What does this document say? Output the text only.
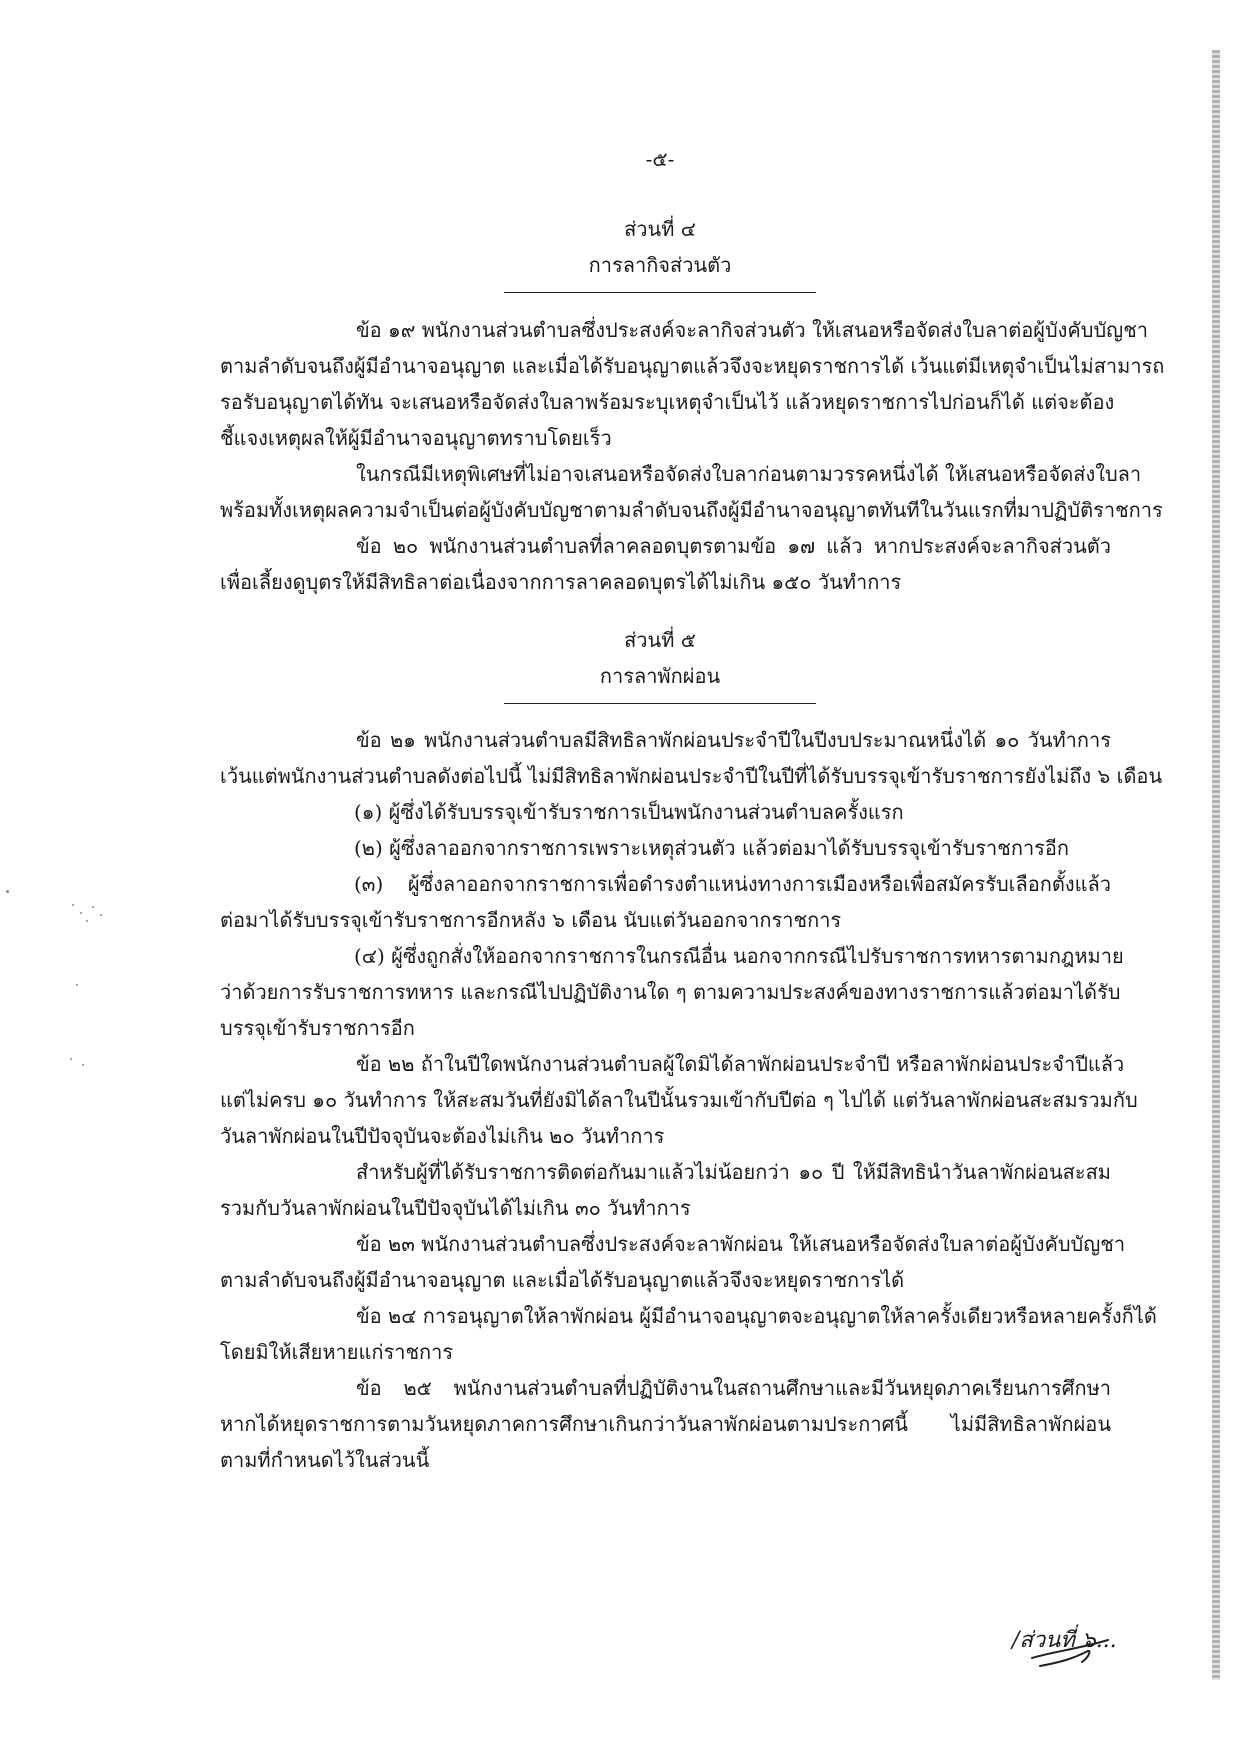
-๕-
ส่วนที่ ๔
การลากิจส่วนตัว
ข้อ ๑๙ พนักงานส่วนตำบลซึ่งประสงค์จะลากิจส่วนตัว ให้เสนอหรือจัดส่งใบลาต่อผู้บังคับบัญชา
ตามลำดับจนถึงผู้มีอำนาจอนุญาต และเมื่อได้รับอนุญาตแล้วจึงจะหยุดราชการได้ เว้นแต่มีเหตุจำเป็นไม่สามารถ
รอรับอนุญาตได้ทัน จะเสนอหรือจัดส่งใบลาพร้อมระบุเหตุจำเป็นไว้ แล้วหยุดราชการไปก่อนก็ได้ แต่จะต้อง
ชี้แจงเหตุผลให้ผู้มีอำนาจอนุญาตทราบโดยเร็ว
ในกรณีมีเหตุพิเศษที่ไม่อาจเสนอหรือจัดส่งใบลาก่อนตามวรรคหนึ่งได้ ให้เสนอหรือจัดส่งใบลา
พร้อมทั้งเหตุผลความจำเป็นต่อผู้บังคับบัญชาตามลำดับจนถึงผู้มีอำนาจอนุญาตทันทีในวันแรกที่มาปฏิบัติราชการ
ข้อ ๒๐ พนักงานส่วนตำบลที่ลาคลอดบุตรตามข้อ ๑๗ แล้ว หากประสงค์จะลากิจส่วนตัว
เพื่อเลี้ยงดูบุตรให้มีสิทธิลาต่อเนื่องจากการลาคลอดบุตรได้ไม่เกิน ๑๕๐ วันทำการ
ส่วนที่ ๕
การลาพักผ่อน
ข้อ ๒๑ พนักงานส่วนตำบลมีสิทธิลาพักผ่อนประจำปีในปีงบประมาณหนึ่งได้ ๑๐ วันทำการ
เว้นแต่พนักงานส่วนตำบลดังต่อไปนี้ ไม่มีสิทธิลาพักผ่อนประจำปีในปีที่ได้รับบรรจุเข้ารับราชการยังไม่ถึง ๖ เดือน
(๑) ผู้ซึ่งได้รับบรรจุเข้ารับราชการเป็นพนักงานส่วนตำบลครั้งแรก
(๒) ผู้ซึ่งลาออกจากราชการเพราะเหตุส่วนตัว แล้วต่อมาได้รับบรรจุเข้ารับราชการอีก
(๓) ผู้ซึ่งลาออกจากราชการเพื่อดำรงตำแหน่งทางการเมืองหรือเพื่อสมัครรับเลือกตั้งแล้ว
ต่อมาได้รับบรรจุเข้ารับราชการอีกหลัง ๖ เดือน นับแต่วันออกจากราชการ
(๔) ผู้ซึ่งถูกสั่งให้ออกจากราชการในกรณีอื่น นอกจากกรณีไปรับราชการทหารตามกฎหมาย
ว่าด้วยการรับราชการทหาร และกรณีไปปฏิบัติงานใด ๆ ตามความประสงค์ของทางราชการแล้วต่อมาได้รับ
บรรจุเข้ารับราชการอีก
ข้อ ๒๒ ถ้าในปีใดพนักงานส่วนตำบลผู้ใดมิได้ลาพักผ่อนประจำปี หรือลาพักผ่อนประจำปีแล้ว
แต่ไม่ครบ ๑๐ วันทำการ ให้สะสมวันที่ยังมิได้ลาในปีนั้นรวมเข้ากับปีต่อ ๆ ไปได้ แต่วันลาพักผ่อนสะสมรวมกับ
วันลาพักผ่อนในปีปัจจุบันจะต้องไม่เกิน ๒๐ วันทำการ
สำหรับผู้ที่ได้รับราชการติดต่อกันมาแล้วไม่น้อยกว่า ๑๐ ปี ให้มีสิทธินำวันลาพักผ่อนสะสม
รวมกับวันลาพักผ่อนในปีปัจจุบันได้ไม่เกิน ๓๐ วันทำการ
ข้อ ๒๓ พนักงานส่วนตำบลซึ่งประสงค์จะลาพักผ่อน ให้เสนอหรือจัดส่งใบลาต่อผู้บังคับบัญชา
ตามลำดับจนถึงผู้มีอำนาจอนุญาต และเมื่อได้รับอนุญาตแล้วจึงจะหยุดราชการได้
ข้อ ๒๔ การอนุญาตให้ลาพักผ่อน ผู้มีอำนาจอนุญาตจะอนุญาตให้ลาครั้งเดียวหรือหลายครั้งก็ได้
โดยมิให้เสียหายแก่ราชการ
ข้อ ๒๕ พนักงานส่วนตำบลที่ปฏิบัติงานในสถานศึกษาและมีวันหยุดภาคเรียนการศึกษา
หากได้หยุดราชการตามวันหยุดภาคการศึกษาเกินกว่าวันลาพักผ่อนตามประกาศนี้ ไม่มีสิทธิลาพักผ่อน
ตามที่กำหนดไว้ในส่วนนี้
/ส่วนที่ ๖...
